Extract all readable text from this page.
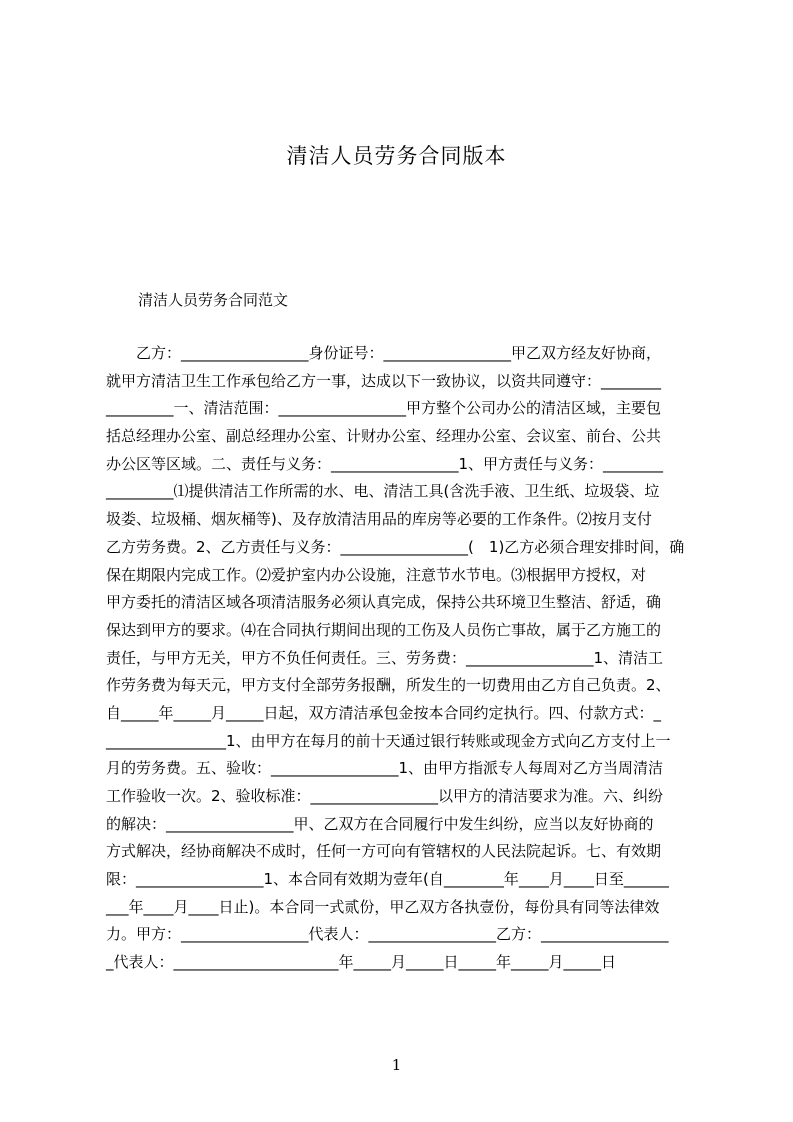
清洁人员劳务合同版本
清洁人员劳务合同范文
　　乙方：_________________身份证号：_________________甲乙双方经友好协商，
就甲方清洁卫生工作承包给乙方一事，达成以下一致协议，以资共同遵守：________
_________一、清洁范围：_________________甲方整个公司办公的清洁区域，主要包
括总经理办公室、副总经理办公室、计财办公室、经理办公室、会议室、前台、公共
办公区等区域。二、责任与义务：_________________1、甲方责任与义务：________
_________⑴提供清洁工作所需的水、电、清洁工具(含洗手液、卫生纸、垃圾袋、垃
圾娄、垃圾桶、烟灰桶等)、及存放清洁用品的库房等必要的工作条件。⑵按月支付
乙方劳务费。2、乙方责任与义务：_________________(　1)乙方必须合理安排时间，确
保在期限内完成工作。⑵爱护室内办公设施，注意节水节电。⑶根据甲方授权，对
甲方委托的清洁区域各项清洁服务必须认真完成，保持公共环境卫生整洁、舒适，确
保达到甲方的要求。⑷在合同执行期间出现的工伤及人员伤亡事故，属于乙方施工的
责任，与甲方无关，甲方不负任何责任。三、劳务费：_________________1、清洁工
作劳务费为每天元，甲方支付全部劳务报酬，所发生的一切费用由乙方自己负责。2、
自_____年_____月_____日起，双方清洁承包金按本合同约定执行。四、付款方式：_
________________1、由甲方在每月的前十天通过银行转账或现金方式向乙方支付上一
月的劳务费。五、验收：_________________1、由甲方指派专人每周对乙方当周清洁
工作验收一次。2、验收标准：_________________以甲方的清洁要求为准。六、纠纷
的解决：_________________甲、乙双方在合同履行中发生纠纷，应当以友好协商的
方式解决，经协商解决不成时，任何一方可向有管辖权的人民法院起诉。七、有效期
限：_________________1、本合同有效期为壹年(自________年____月____日至______
___年____月____日止)。本合同一式贰份，甲乙双方各执壹份，每份具有同等法律效
力。甲方：_________________代表人：_________________乙方：_________________
_代表人：______________________年_____月_____日_____年_____月_____日
1
